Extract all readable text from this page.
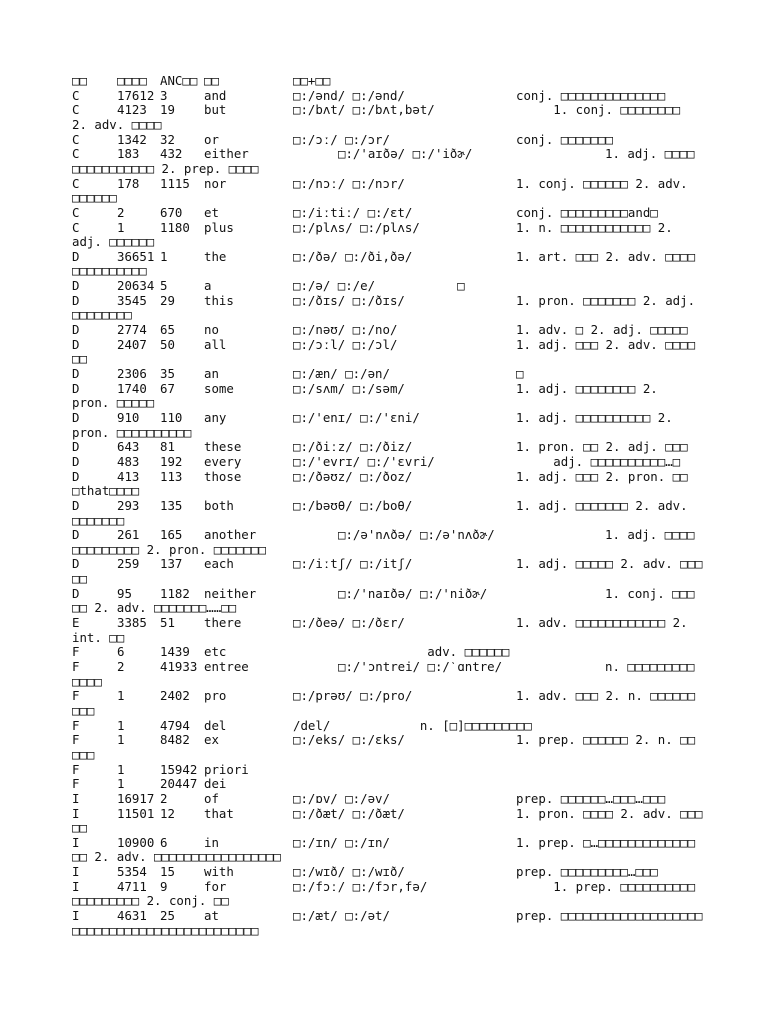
□□ □□□□ ANC□□ □□	□□+□□
C	17612 3	and	□:/ənd/ □:/ənd/	conj. □□□□□□□□□□□□□□
C	4123 19 but	□:/bʌt/ □:/bʌt,bət/	1. conj. □□□□□□□□
2. adv. □□□□
C	1342 32 or	□:/ɔː/ □:/ɔr/	conj. □□□□□□□
C	183 432 either	□:/'aɪðə/ □:/'iðɚ/	1. adj. □□□□
□□□□□□□□□□□ 2. prep. □□□□
C	178 1115 nor	□:/nɔː/ □:/nɔr/	1. conj. □□□□□□ 2. adv.
□□□□□□
C	2	670 et	□:/iːtiː/ □:/ɛt/	conj. □□□□□□□□□and□
C	1	1180 plus	□:/plʌs/ □:/plʌs/	1. n. □□□□□□□□□□□□ 2.
adj. □□□□□□
D	36651 1	the	□:/ðə/ □:/ði,ðə/	1. art. □□□ 2. adv. □□□□
□□□□□□□□□□
D	20634 5	a	□:/ə/ □:/e/           □
D	3545 29 this	□:/ðɪs/ □:/ðɪs/	1. pron. □□□□□□□ 2. adj.
□□□□□□□□
D	2774 65 no	□:/nəʊ/ □:/no/	1. adv. □ 2. adj. □□□□□
D	2407 50 all	□:/ɔːl/ □:/ɔl/	1. adj. □□□ 2. adv. □□□□
□□
D	2306 35 an	□:/æn/ □:/ən/	□
D	1740 67 some	□:/sʌm/ □:/səm/	1. adj. □□□□□□□□ 2.
pron. □□□□□
D	910 110 any	□:/'enɪ/ □:/'ɛni/	1. adj. □□□□□□□□□□ 2.
pron. □□□□□□□□□□
D	643 81 these	□:/ðiːz/ □:/ðiz/	1. pron. □□ 2. adj. □□□
D	483 192 every	□:/'evrɪ/ □:/'ɛvri/	adj. □□□□□□□□□□…□
D	413 113 those	□:/ðəʊz/ □:/ðoz/	1. adj. □□□ 2. pron. □□
□that□□□□
D	293 135 both	□:/bəʊθ/ □:/boθ/	1. adj. □□□□□□□ 2. adv.
□□□□□□□
D	261 165 another	□:/ə'nʌðə/ □:/ə'nʌðɚ/	1. adj. □□□□
□□□□□□□□□ 2. pron. □□□□□□□
D	259 137 each	□:/iːtʃ/ □:/itʃ/	1. adj. □□□□□ 2. adv. □□□
□□
D	95 1182 neither	□:/'naɪðə/ □:/'niðɚ/	1. conj. □□□
□□ 2. adv. □□□□□□□……□□
E	3385 51 there	□:/ðeə/ □:/ðɛr/	1. adv. □□□□□□□□□□□□ 2.
int. □□
F	6	1439 etc	adv. □□□□□□
F	2	41933 entree	□:/'ɔntrei/ □:/ˋɑntre/	n. □□□□□□□□□
□□□□
F	1	2402 pro	□:/prəʊ/ □:/pro/	1. adv. □□□ 2. n. □□□□□□
□□□
F	1	4794 del	/del/            n. [□]□□□□□□□□□
F	1	8482 ex	□:/eks/ □:/ɛks/	1. prep. □□□□□□ 2. n. □□
□□□
F	1	15942 priori
F	1	20447 dei
I	16917 2	of	□:/ɒv/ □:/əv/	prep. □□□□□□…□□□…□□□
I	11501 12 that	□:/ðæt/ □:/ðæt/	1. pron. □□□□ 2. adv. □□□
□□
I	10900 6	in	□:/ɪn/ □:/ɪn/	1. prep. □…□□□□□□□□□□□□□
□□ 2. adv. □□□□□□□□□□□□□□□□□
I	5354 15 with	□:/wɪð/ □:/wɪð/	prep. □□□□□□□□□…□□□
I	4711 9	for	□:/fɔː/ □:/fɔr,fə/	1. prep. □□□□□□□□□□
□□□□□□□□□ 2. conj. □□
I	4631 25 at	□:/æt/ □:/ət/	prep. □□□□□□□□□□□□□□□□□□□
□□□□□□□□□□□□□□□□□□□□□□□□□
